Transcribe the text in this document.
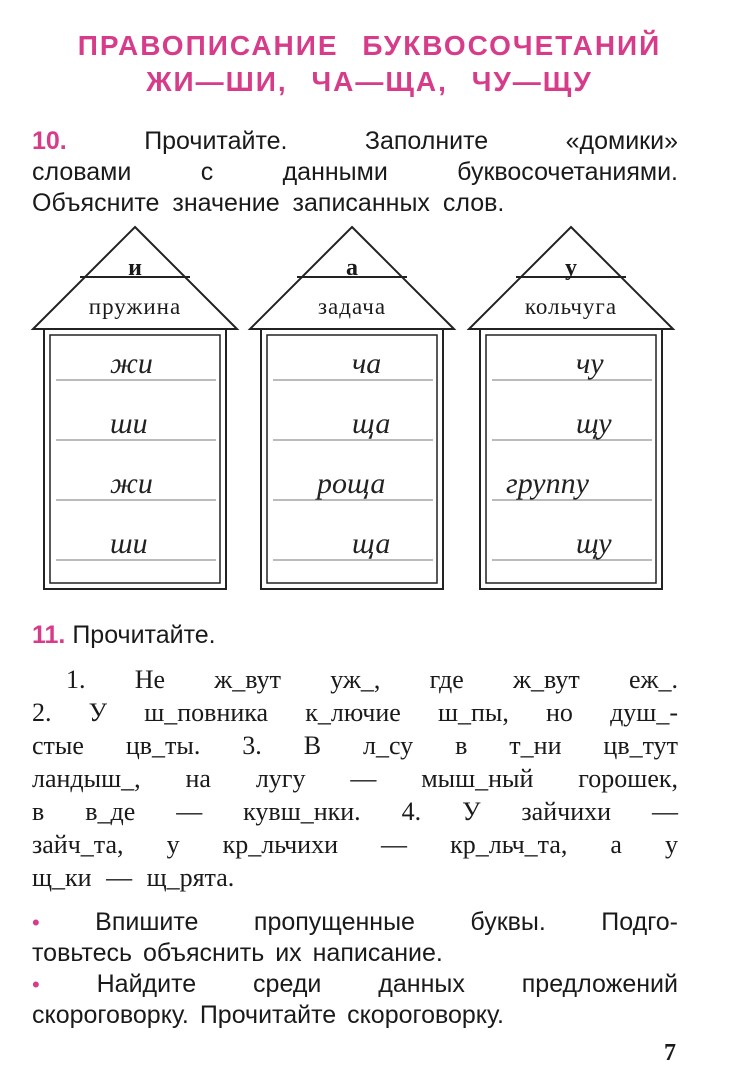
ПРАВОПИСАНИЕ БУКВОСОЧЕТАНИЙ
ЖИ—ШИ, ЧА—ЩА, ЧУ—ЩУ
10.	Прочитайте. Заполните «домики»
словами с данными буквосочетаниями.
Объясните значение записанных слов.
и
пружина
жи
ши
жи
ши
а
задача
ча
ща
роща
ща
у
кольчуга
чу
щу
группу
щу
11. Прочитайте.
1. Не ж_вут уж_, где ж_вут еж_.
2. У ш_повника к_лючие ш_пы, но душ_-
стые цв_ты. 3. В л_су в т_ни цв_тут
ландыш_, на лугу — мыш_ный горошек,
в в_де — кувш_нки. 4. У зайчихи —
зайч_та, у кр_льчихи — кр_льч_та, а у
щ_ки — щ_рята.
• Впишите пропущенные буквы. Подго-
товьтесь объяснить их написание.
• Найдите среди данных предложений
скороговорку. Прочитайте скороговорку.
7
